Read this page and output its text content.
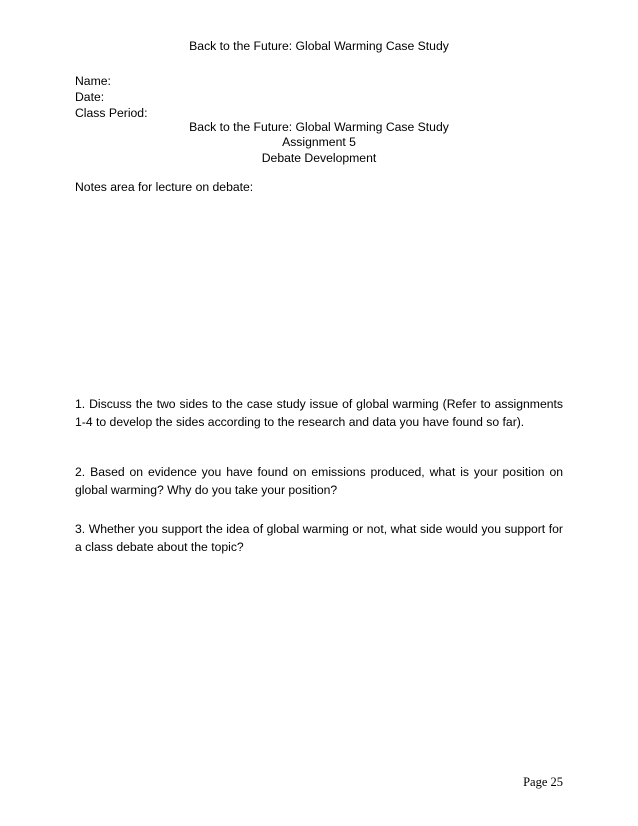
Back to the Future: Global Warming Case Study
Name:
Date:
Class Period:
Back to the Future: Global Warming Case Study
Assignment 5
Debate Development
Notes area for lecture on debate:
1. Discuss the two sides to the case study issue of global warming (Refer to assignments 1-4 to develop the sides according to the research and data you have found so far).
2. Based on evidence you have found on emissions produced, what is your position on global warming? Why do you take your position?
3. Whether you support the idea of global warming or not, what side would you support for a class debate about the topic?
Page 25
